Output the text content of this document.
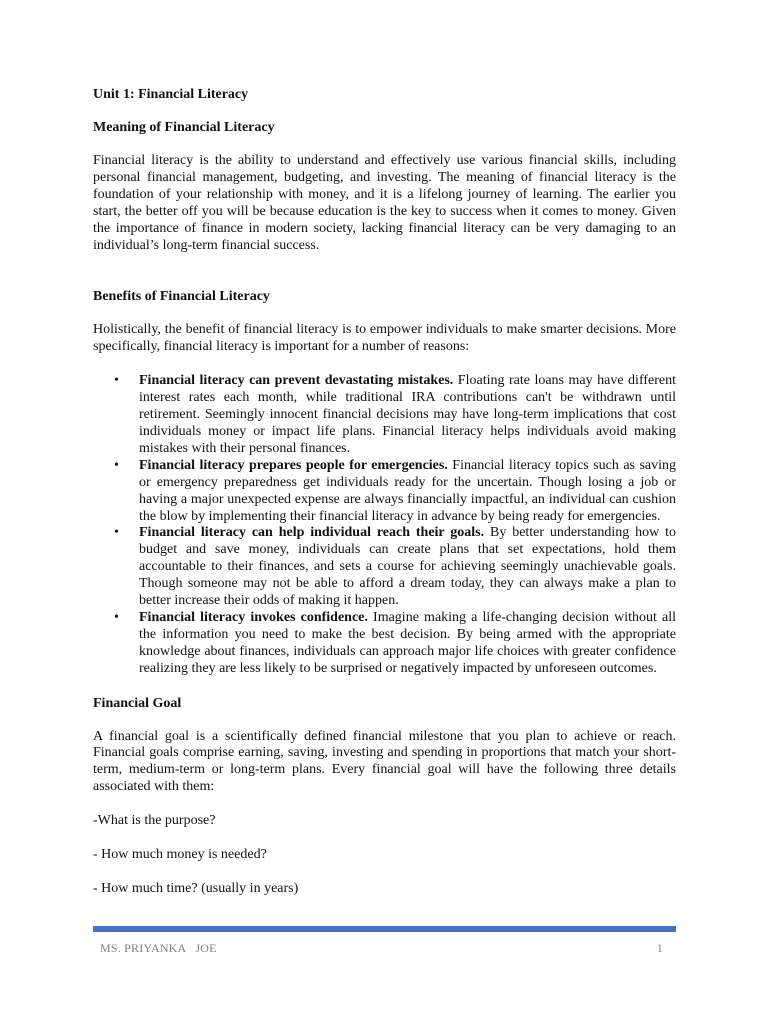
Unit 1: Financial Literacy
Meaning of Financial Literacy

Financial literacy is the ability to understand and effectively use various financial skills, including personal financial management, budgeting, and investing. The meaning of financial literacy is the foundation of your relationship with money, and it is a lifelong journey of learning. The earlier you start, the better off you will be because education is the key to success when it comes to money. Given the importance of finance in modern society, lacking financial literacy can be very damaging to an individual’s long-term financial success.

Benefits of Financial Literacy

Holistically, the benefit of financial literacy is to empower individuals to make smarter decisions. More specifically, financial literacy is important for a number of reasons:

• Financial literacy can prevent devastating mistakes. Floating rate loans may have different interest rates each month, while traditional IRA contributions can't be withdrawn until retirement. Seemingly innocent financial decisions may have long-term implications that cost individuals money or impact life plans. Financial literacy helps individuals avoid making mistakes with their personal finances.
• Financial literacy prepares people for emergencies. Financial literacy topics such as saving or emergency preparedness get individuals ready for the uncertain. Though losing a job or having a major unexpected expense are always financially impactful, an individual can cushion the blow by implementing their financial literacy in advance by being ready for emergencies.
• Financial literacy can help individual reach their goals. By better understanding how to budget and save money, individuals can create plans that set expectations, hold them accountable to their finances, and sets a course for achieving seemingly unachievable goals. Though someone may not be able to afford a dream today, they can always make a plan to better increase their odds of making it happen.
• Financial literacy invokes confidence. Imagine making a life-changing decision without all the information you need to make the best decision. By being armed with the appropriate knowledge about finances, individuals can approach major life choices with greater confidence realizing they are less likely to be surprised or negatively impacted by unforeseen outcomes.
Financial Goal

A financial goal is a scientifically defined financial milestone that you plan to achieve or reach. Financial goals comprise earning, saving, investing and spending in proportions that match your short-term, medium-term or long-term plans. Every financial goal will have the following three details associated with them:

-What is the purpose?

- How much money is needed?

- How much time? (usually in years)

MS. PRIYANKA   JOE	1
